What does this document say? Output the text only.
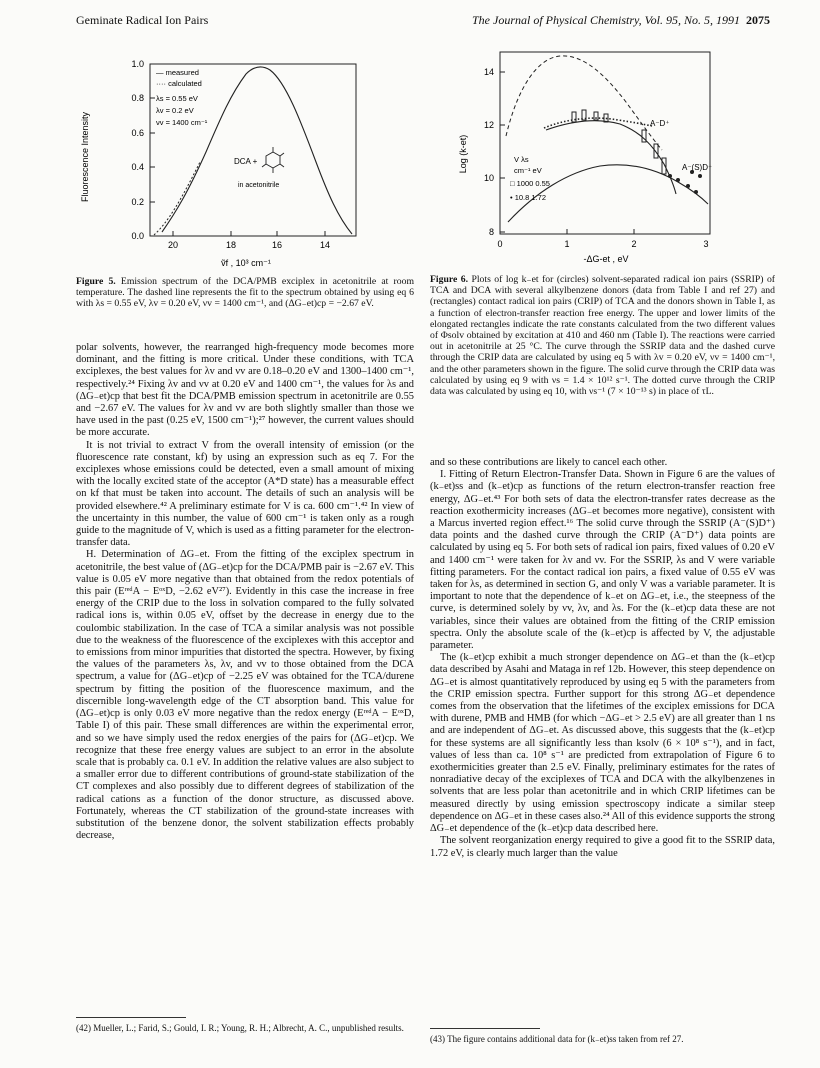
Geminate Radical Ion Pairs	The Journal of Physical Chemistry, Vol. 95, No. 5, 1991 2075
Fluorescence Intensity
1.0
0.8
0.6
0.4
0.2
0.0
20	18	16	14
ṽf , 10³ cm⁻¹
— measured
···· calculated
λs = 0.55 eV
λv = 0.2 eV
νv = 1400 cm⁻¹
DCA +
in acetonitrile
Figure 5. Emission spectrum of the DCA/PMB exciplex in acetonitrile at room temperature. The dashed line represents the fit to the spectrum obtained by using eq 6 with λs = 0.55 eV, λv = 0.20 eV, νv = 1400 cm⁻¹, and (ΔG₋et)cp = −2.67 eV.
Log (k-et)
14
12
10
8
0	1	2	3
-ΔG-et , eV
A⁻D⁺
A⁻(S)D⁺
V λs
cm⁻¹ eV
□ 1000 0.55
• 10.8 1.72
Figure 6. Plots of log k₋et for (circles) solvent-separated radical ion pairs (SSRIP) of TCA and DCA with several alkylbenzene donors (data from Table I and ref 27) and (rectangles) contact radical ion pairs (CRIP) of TCA and the donors shown in Table I, as a function of electron-transfer reaction free energy. The upper and lower limits of the elongated rectangles indicate the rate constants calculated from the two different values of Φsolv obtained by excitation at 410 and 460 nm (Table I). The reactions were carried out in acetonitrile at 25 °C. The curve through the SSRIP data and the dashed curve through the CRIP data are calculated by using eq 5 with λv = 0.20 eV, νv = 1400 cm⁻¹, and the other parameters shown in the figure. The solid curve through the CRIP data was calculated by using eq 9 with νs = 1.4 × 10¹² s⁻¹. The dotted curve through the CRIP data was calculated by using eq 10, with νs⁻¹ (7 × 10⁻¹³ s) in place of τL.

polar solvents, however, the rearranged high-frequency mode becomes more dominant, and the fitting is more critical. Under these conditions, with TCA exciplexes, the best values for λv and νv are 0.18–0.20 eV and 1300–1400 cm⁻¹, respectively.²⁴ Fixing λv and νv at 0.20 eV and 1400 cm⁻¹, the values for λs and (ΔG₋et)cp that best fit the DCA/PMB emission spectrum in acetonitrile are 0.55 and −2.67 eV. The values for λv and νv are both slightly smaller than those we have used in the past (0.25 eV, 1500 cm⁻¹);²⁷ however, the current values should be more accurate.

It is not trivial to extract V from the overall intensity of emission (or the fluorescence rate constant, kf) by using an expression such as eq 7. For the exciplexes whose emissions could be detected, even a small amount of mixing with the locally excited state of the acceptor (A*D state) has a measurable effect on kf that must be taken into account. The details of such an analysis will be provided elsewhere.⁴² A preliminary estimate for V is ca. 600 cm⁻¹.⁴² In view of the uncertainty in this number, the value of 600 cm⁻¹ is taken only as a rough guide to the magnitude of V, which is used as a fitting parameter for the electron-transfer data.

H. Determination of ΔG₋et. From the fitting of the exciplex spectrum in acetonitrile, the best value of (ΔG₋et)cp for the DCA/PMB pair is −2.67 eV. This value is 0.05 eV more negative than that obtained from the redox potentials of this pair (EʳᵉᵈA − EᵒˣD, −2.62 eV²⁷). Evidently in this case the increase in free energy of the CRIP due to the loss in solvation compared to the fully solvated radical ions is, within 0.05 eV, offset by the decrease in energy due to the coulombic stabilization. In the case of TCA a similar analysis was not possible due to the weakness of the fluorescence of the exciplexes with this acceptor and to emissions from minor impurities that distorted the spectra. However, by fixing the values of the parameters λs, λv, and νv to those obtained from the DCA spectrum, a value for (ΔG₋et)cp of −2.25 eV was obtained for the TCA/durene spectrum by fitting the position of the fluorescence maximum, and the discernible long-wavelength edge of the CT absorption band. This value for (ΔG₋et)cp is only 0.03 eV more negative than the redox energy (EʳᵉᵈA − EᵒˣD, Table I) of this pair. These small differences are within the experimental error, and so we have simply used the redox energies of the pairs for (ΔG₋et)cp. We recognize that these free energy values are subject to an error in the absolute scale that is probably ca. 0.1 eV. In addition the relative values are also subject to a smaller error due to different contributions of ground-state stabilization of the CT complexes and also possibly due to different degrees of stabilization of the radical cations as a function of the donor structure, as discussed above. Fortunately, whereas the CT stabilization of the ground-state increases with substitution of the benzene donor, the solvent stabilization effects probably decrease,

and so these contributions are likely to cancel each other.

I. Fitting of Return Electron-Transfer Data. Shown in Figure 6 are the values of (k₋et)ss and (k₋et)cp as functions of the return electron-transfer reaction free energy, ΔG₋et.⁴³ For both sets of data the electron-transfer rates decrease as the reaction exothermicity increases (ΔG₋et becomes more negative), consistent with a Marcus inverted region effect.¹⁶ The solid curve through the SSRIP (A⁻(S)D⁺) data points and the dashed curve through the CRIP (A⁻D⁺) data points are calculated by using eq 5. For both sets of radical ion pairs, fixed values of 0.20 eV and 1400 cm⁻¹ were taken for λv and νv. For the SSRIP, λs and V were variable fitting parameters. For the contact radical ion pairs, a fixed value of 0.55 eV was taken for λs, as determined in section G, and only V was a variable parameter. It is important to note that the dependence of k₋et on ΔG₋et, i.e., the steepness of the curve, is determined solely by νv, λv, and λs. For the (k₋et)cp data these are not variables, since their values are obtained from the fitting of the CRIP emission spectra. Only the absolute scale of the (k₋et)cp is affected by V, the adjustable parameter.

The (k₋et)cp exhibit a much stronger dependence on ΔG₋et than the (k₋et)cp data described by Asahi and Mataga in ref 12b. However, this steep dependence on ΔG₋et is almost quantitatively reproduced by using eq 5 with the parameters from the CRIP emission spectra. Further support for this strong ΔG₋et dependence comes from the observation that the lifetimes of the exciplex emissions for DCA with durene, PMB and HMB (for which −ΔG₋et > 2.5 eV) are all greater than 1 ns and are independent of ΔG₋et. As discussed above, this suggests that the (k₋et)cp for these systems are all significantly less than ksolv (6 × 10⁸ s⁻¹), and in fact, values of less than ca. 10⁸ s⁻¹ are predicted from extrapolation of Figure 6 to exothermicities greater than 2.5 eV. Finally, preliminary estimates for the rates of nonradiative decay of the exciplexes of TCA and DCA with the alkylbenzenes in solvents that are less polar than acetonitrile and in which CRIP lifetimes can be measured directly by using emission spectroscopy indicate a similar steep dependence on ΔG₋et in these cases also.²⁴ All of this evidence supports the strong ΔG₋et dependence of the (k₋et)cp data described here.

The solvent reorganization energy required to give a good fit to the SSRIP data, 1.72 eV, is clearly much larger than the value

(42) Mueller, L.; Farid, S.; Gould, I. R.; Young, R. H.; Albrecht, A. C., unpublished results.
(43) The figure contains additional data for (k₋et)ss taken from ref 27.
